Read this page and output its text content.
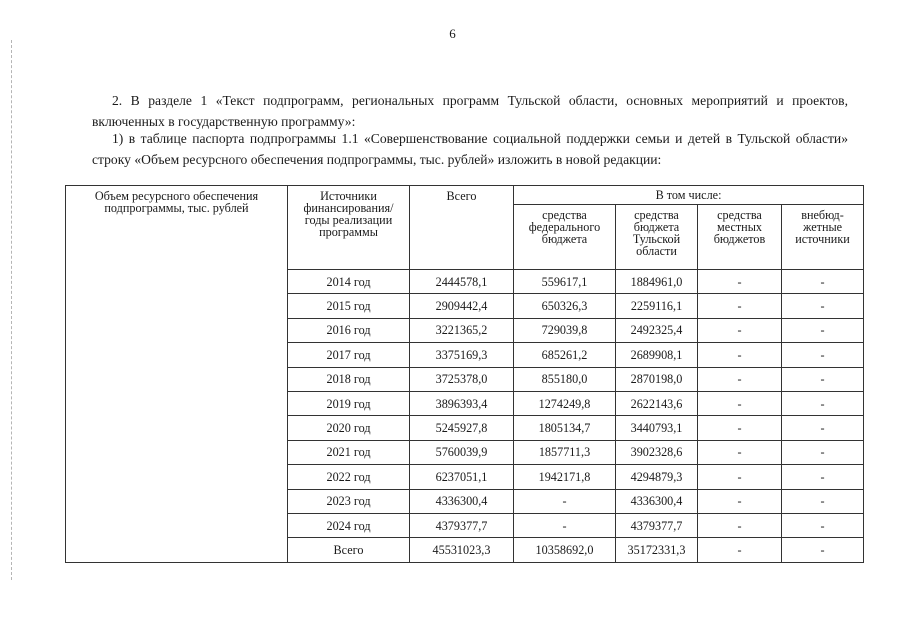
6
2. В разделе 1 «Текст подпрограмм, региональных программ Тульской области, основных мероприятий и проектов, включенных в государственную программу»:
1) в таблице паспорта подпрограммы 1.1 «Совершенствование социальной поддержки семьи и детей в Тульской области» строку «Объем ресурсного обеспечения подпрограммы, тыс. рублей» изложить в новой редакции:
Объем ресурсного обеспечения подпрограммы, тыс. рублей	Источники финансирования/ годы реализации программы	Всего	В том числе:			
			средства федерального бюджета	средства бюджета Тульской области	средства местных бюджетов	внебюд- жетные источники
	2014 год	2444578,1	559617,1	1884961,0	-	-
	2015 год	2909442,4	650326,3	2259116,1	-	-
	2016 год	3221365,2	729039,8	2492325,4	-	-
	2017 год	3375169,3	685261,2	2689908,1	-	-
	2018 год	3725378,0	855180,0	2870198,0	-	-
	2019 год	3896393,4	1274249,8	2622143,6	-	-
	2020 год	5245927,8	1805134,7	3440793,1	-	-
	2021 год	5760039,9	1857711,3	3902328,6	-	-
	2022 год	6237051,1	1942171,8	4294879,3	-	-
	2023 год	4336300,4	-	4336300,4	-	-
	2024 год	4379377,7	-	4379377,7	-	-
	Всего	45531023,3	10358692,0	35172331,3	-	-
